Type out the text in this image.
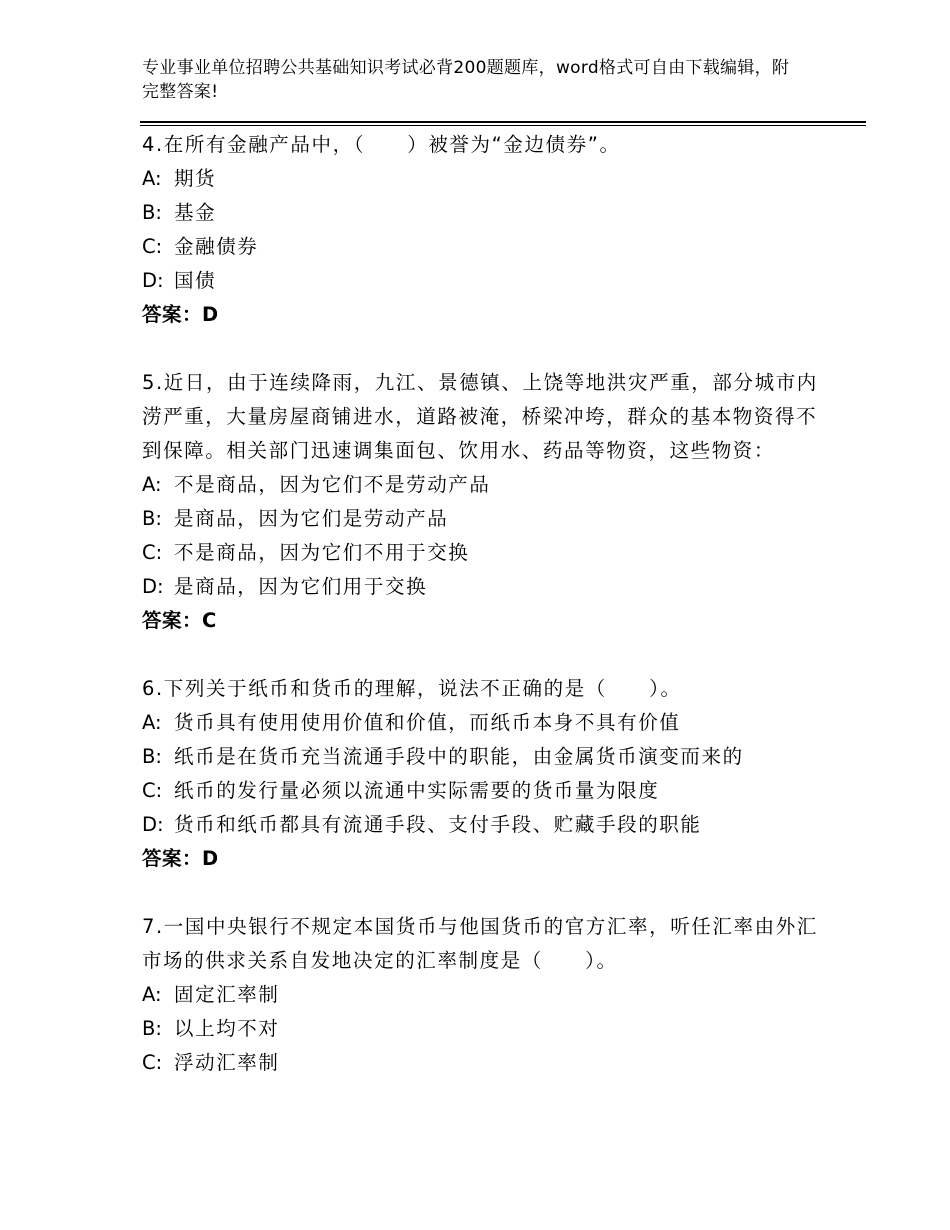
专业事业单位招聘公共基础知识考试必背200题题库，word格式可自由下载编辑，附完整答案!
4.在所有金融产品中，（　　）被誉为“金边债券”。
A: 期货
B: 基金
C: 金融债券
D: 国债
答案：D
5.近日，由于连续降雨，九江、景德镇、上饶等地洪灾严重，部分城市内涝严重，大量房屋商铺进水，道路被淹，桥梁冲垮，群众的基本物资得不到保障。相关部门迅速调集面包、饮用水、药品等物资，这些物资：
A: 不是商品，因为它们不是劳动产品
B: 是商品，因为它们是劳动产品
C: 不是商品，因为它们不用于交换
D: 是商品，因为它们用于交换
答案：C
6.下列关于纸币和货币的理解，说法不正确的是（　　）。
A: 货币具有使用使用价值和价值，而纸币本身不具有价值
B: 纸币是在货币充当流通手段中的职能，由金属货币演变而来的
C: 纸币的发行量必须以流通中实际需要的货币量为限度
D: 货币和纸币都具有流通手段、支付手段、贮藏手段的职能
答案：D
7.一国中央银行不规定本国货币与他国货币的官方汇率，听任汇率由外汇市场的供求关系自发地决定的汇率制度是（　　）。
A: 固定汇率制
B: 以上均不对
C: 浮动汇率制
